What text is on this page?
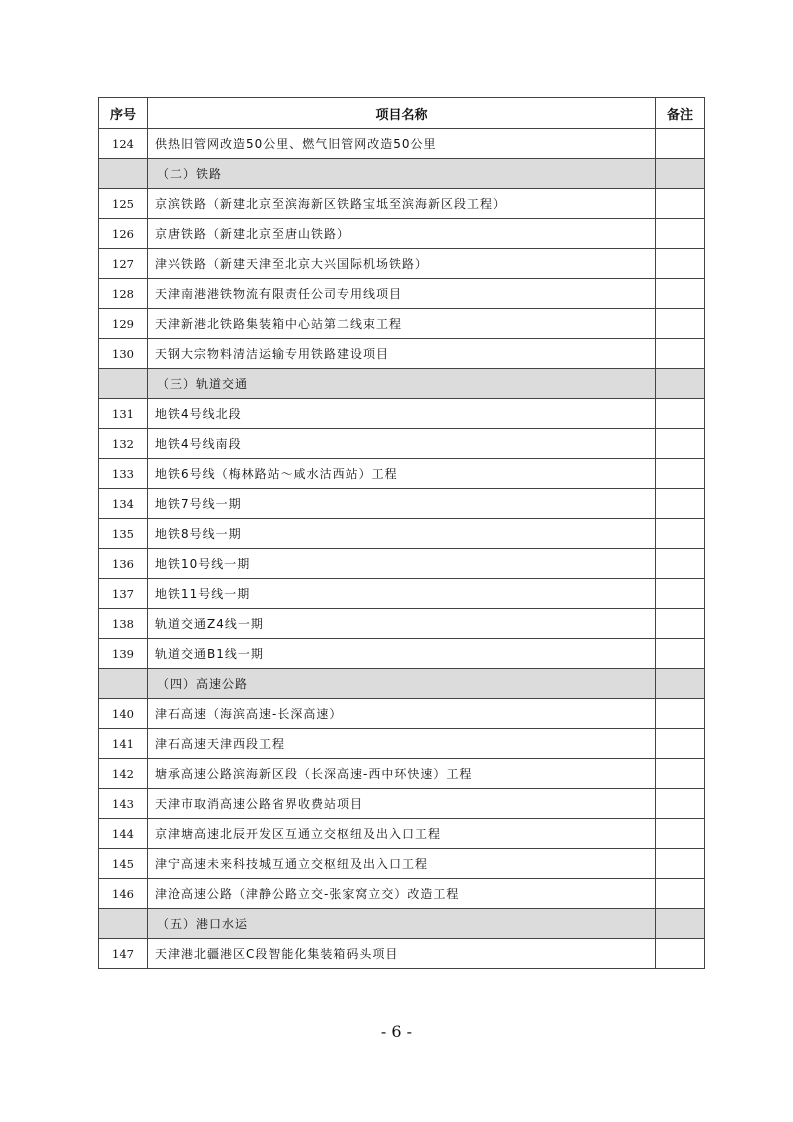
序号	项目名称	备注
124	供热旧管网改造50公里、燃气旧管网改造50公里	
	（二）铁路	
125	京滨铁路（新建北京至滨海新区铁路宝坻至滨海新区段工程）	
126	京唐铁路（新建北京至唐山铁路）	
127	津兴铁路（新建天津至北京大兴国际机场铁路）	
128	天津南港港铁物流有限责任公司专用线项目	
129	天津新港北铁路集装箱中心站第二线束工程	
130	天钢大宗物料清洁运输专用铁路建设项目	
	（三）轨道交通	
131	地铁4号线北段	
132	地铁4号线南段	
133	地铁6号线（梅林路站～咸水沽西站）工程	
134	地铁7号线一期	
135	地铁8号线一期	
136	地铁10号线一期	
137	地铁11号线一期	
138	轨道交通Z4线一期	
139	轨道交通B1线一期	
	（四）高速公路	
140	津石高速（海滨高速-长深高速）	
141	津石高速天津西段工程	
142	塘承高速公路滨海新区段（长深高速-西中环快速）工程	
143	天津市取消高速公路省界收费站项目	
144	京津塘高速北辰开发区互通立交枢纽及出入口工程	
145	津宁高速未来科技城互通立交枢纽及出入口工程	
146	津沧高速公路（津静公路立交-张家窝立交）改造工程	
	（五）港口水运	
147	天津港北疆港区C段智能化集装箱码头项目	
- 6 -
